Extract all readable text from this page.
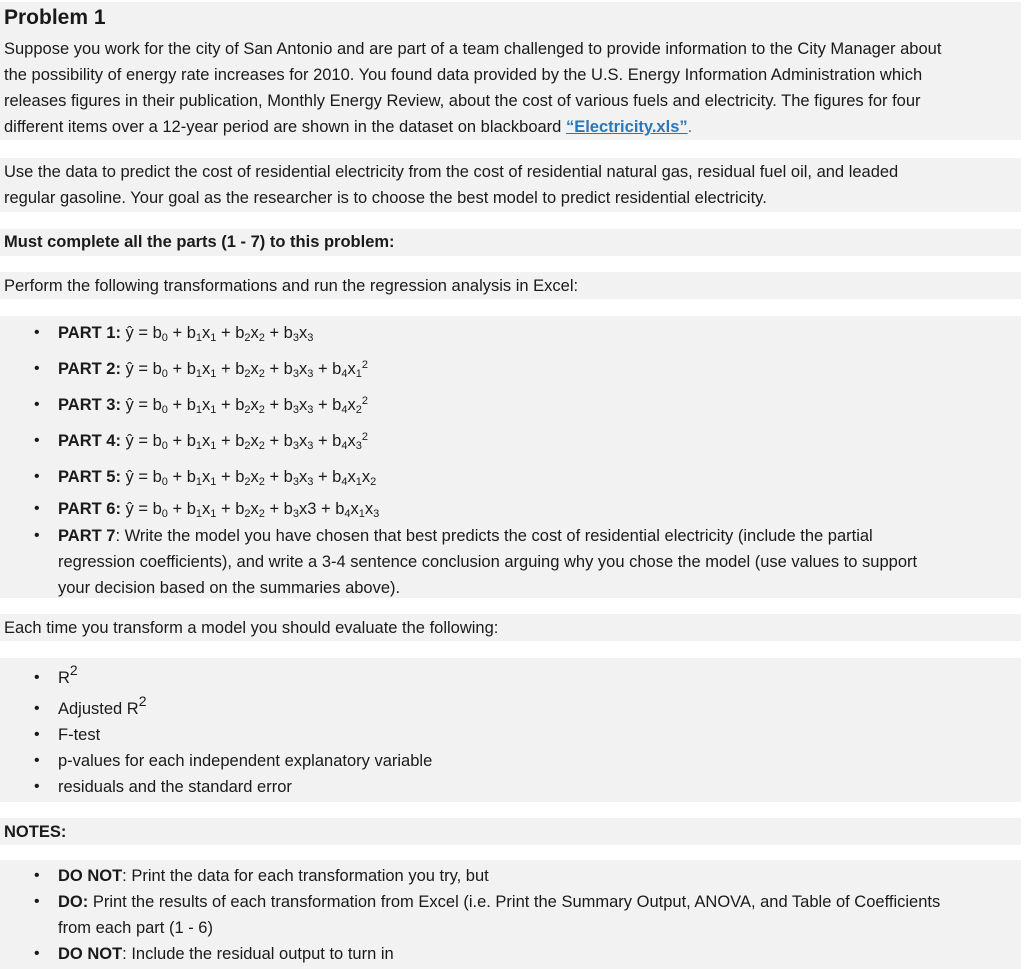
Problem 1
Suppose you work for the city of San Antonio and are part of a team challenged to provide information to the City Manager about
the possibility of energy rate increases for 2010. You found data provided by the U.S. Energy Information Administration which
releases figures in their publication, Monthly Energy Review, about the cost of various fuels and electricity. The figures for four
different items over a 12-year period are shown in the dataset on blackboard “Electricity.xls”.
Use the data to predict the cost of residential electricity from the cost of residential natural gas, residual fuel oil, and leaded
regular gasoline. Your goal as the researcher is to choose the best model to predict residential electricity.
Must complete all the parts (1 - 7) to this problem:
Perform the following transformations and run the regression analysis in Excel:
• PART 1: ŷ = $b_0 + b_1x_1 + b_2x_2 + b_3x_3$
• PART 2: ŷ = $b_0 + b_1x_1 + b_2x_2 + b_3x_3 + b_4x_1^2$
• PART 3: ŷ = $b_0 + b_1x_1 + b_2x_2 + b_3x_3 + b_4x_2^2$
• PART 4: ŷ = $b_0 + b_1x_1 + b_2x_2 + b_3x_3 + b_4x_3^2$
• PART 5: ŷ = $b_0 + b_1x_1 + b_2x_2 + b_3x_3 + b_4x_1x_2$
• PART 6: ŷ = $b_0 + b_1x_1 + b_2x_2 + b_3x3 + b_4x_1x_3$
• PART 7: Write the model you have chosen that best predicts the cost of residential electricity (include the partial
regression coefficients), and write a 3-4 sentence conclusion arguing why you chose the model (use values to support
your decision based on the summaries above).
Each time you transform a model you should evaluate the following:
• $R^2$
• Adjusted $R^2$
• F-test
• p-values for each independent explanatory variable
• residuals and the standard error
NOTES:
• DO NOT: Print the data for each transformation you try, but
• DO: Print the results of each transformation from Excel (i.e. Print the Summary Output, ANOVA, and Table of Coefficients
from each part (1 - 6)
• DO NOT: Include the residual output to turn in
